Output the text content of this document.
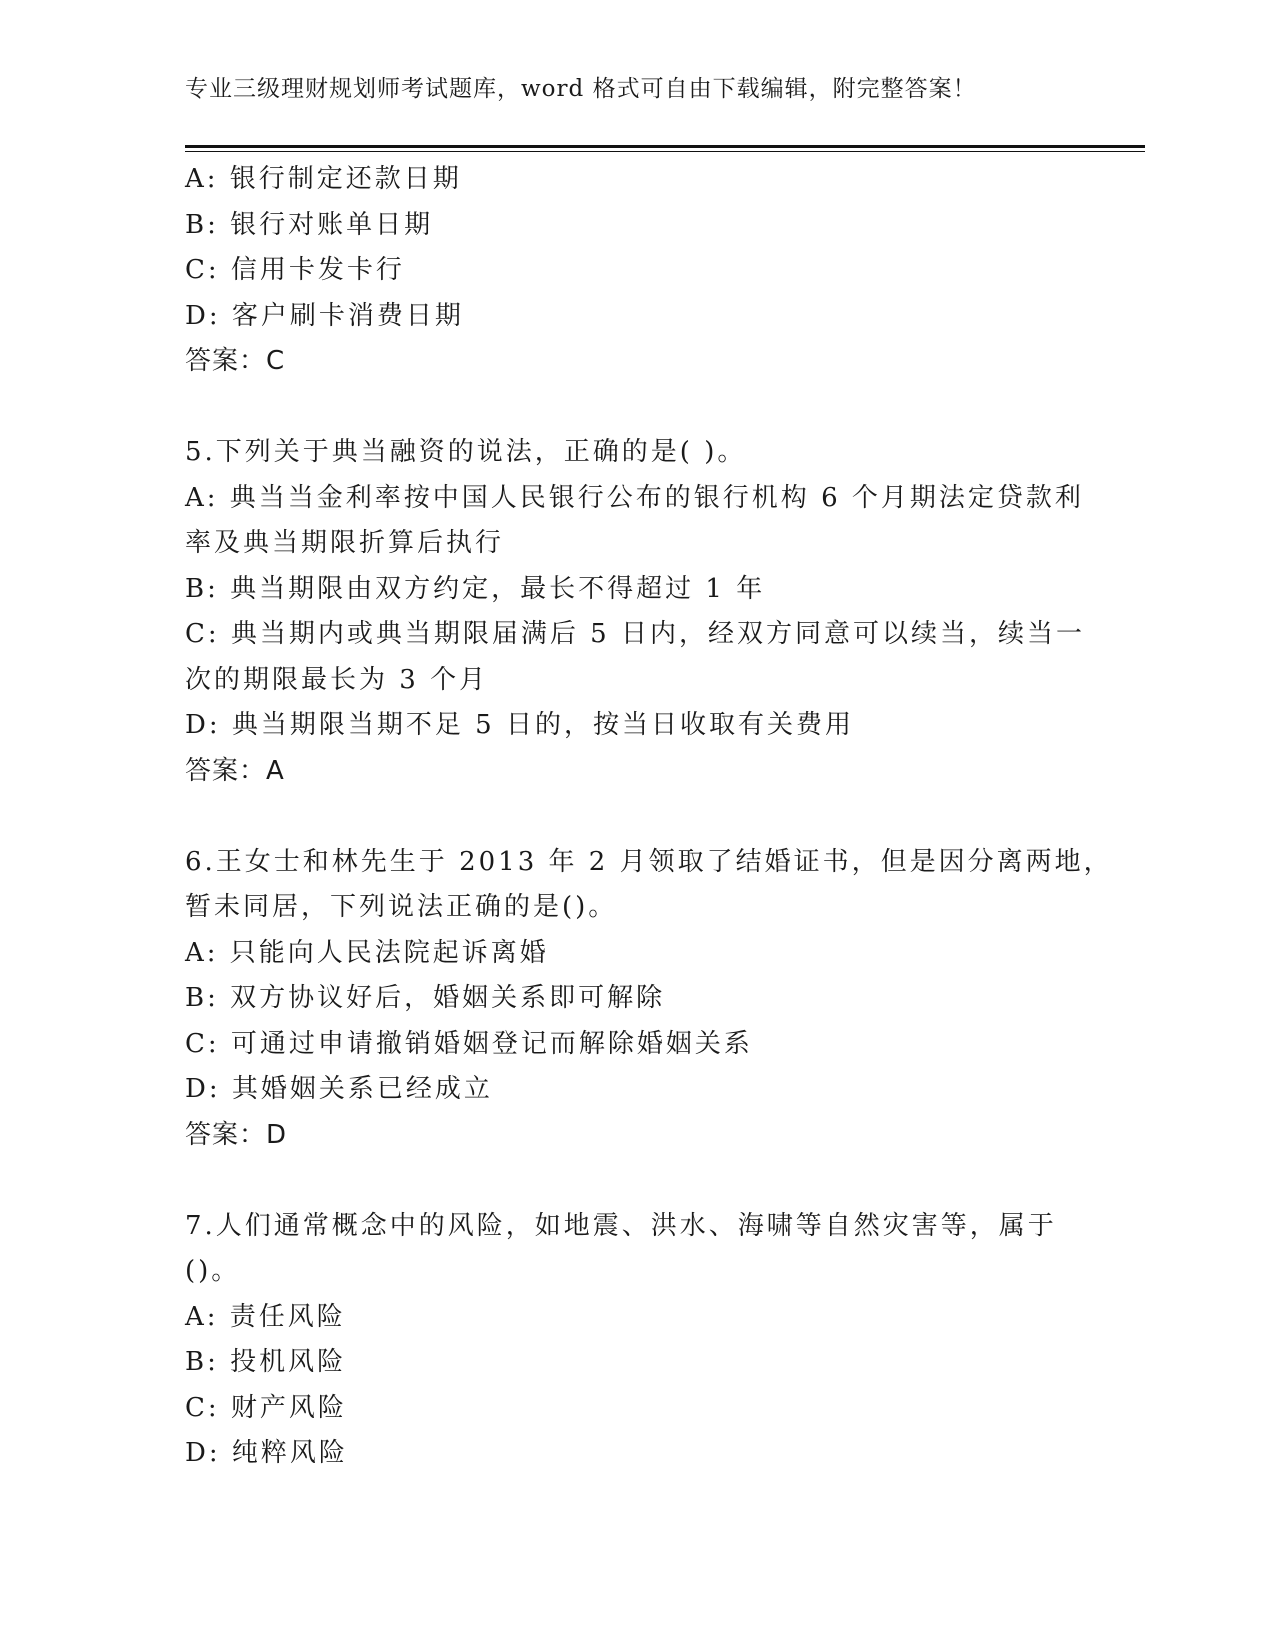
专业三级理财规划师考试题库，word 格式可自由下载编辑，附完整答案！
A: 银行制定还款日期
B: 银行对账单日期
C: 信用卡发卡行
D: 客户刷卡消费日期
答案：C
5.下列关于典当融资的说法，正确的是( )。
A: 典当当金利率按中国人民银行公布的银行机构 6 个月期法定贷款利
率及典当期限折算后执行
B: 典当期限由双方约定，最长不得超过 1 年
C: 典当期内或典当期限届满后 5 日内，经双方同意可以续当，续当一
次的期限最长为 3 个月
D: 典当期限当期不足 5 日的，按当日收取有关费用
答案：A
6.王女士和林先生于 2013 年 2 月领取了结婚证书，但是因分离两地，
暂未同居，下列说法正确的是()。
A: 只能向人民法院起诉离婚
B: 双方协议好后，婚姻关系即可解除
C: 可通过申请撤销婚姻登记而解除婚姻关系
D: 其婚姻关系已经成立
答案：D
7.人们通常概念中的风险，如地震、洪水、海啸等自然灾害等，属于
()。
A: 责任风险
B: 投机风险
C: 财产风险
D: 纯粹风险
